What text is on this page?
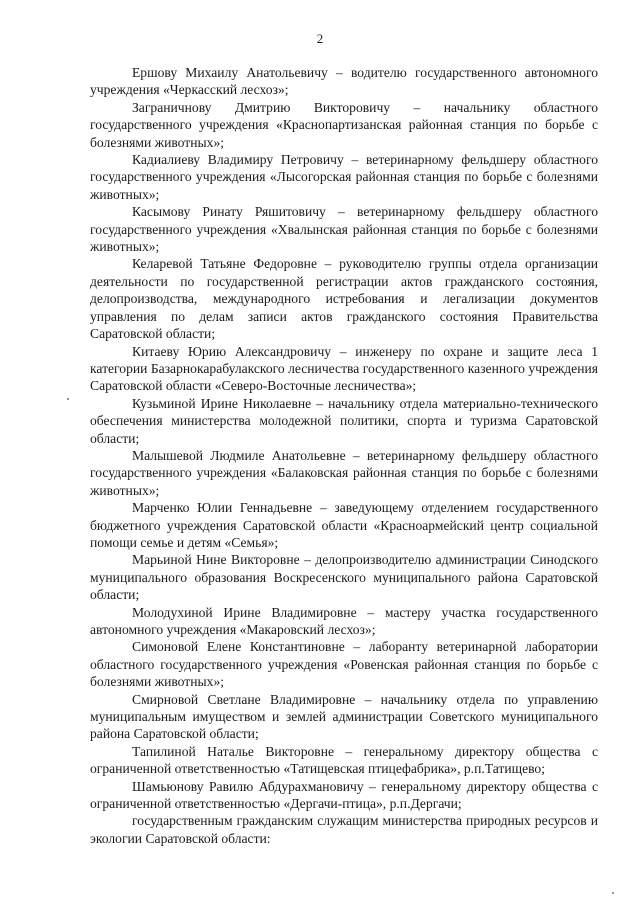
2

Ершову Михаилу Анатольевичу – водителю государственного автономного учреждения «Черкасский лесхоз»;

Заграничнову Дмитрию Викторовичу – начальнику областного государственного учреждения «Краснопартизанская районная станция по борьбе с болезнями животных»;

Кадиалиеву Владимиру Петровичу – ветеринарному фельдшеру областного государственного учреждения «Лысогорская районная станция по борьбе с болезнями животных»;

Касымову Ринату Ряшитовичу – ветеринарному фельдшеру областного государственного учреждения «Хвалынская районная станция по борьбе с болезнями животных»;

Келаревой Татьяне Федоровне – руководителю группы отдела организации деятельности по государственной регистрации актов гражданского состояния, делопроизводства, международного истребования и легализации документов управления по делам записи актов гражданского состояния Правительства Саратовской области;

Китаеву Юрию Александровичу – инженеру по охране и защите леса 1 категории Базарнокарабулакского лесничества государственного казенного учреждения Саратовской области «Северо-Восточные лесничества»;

Кузьминой Ирине Николаевне – начальнику отдела материально-технического обеспечения министерства молодежной политики, спорта и туризма Саратовской области;

Малышевой Людмиле Анатольевне – ветеринарному фельдшеру областного государственного учреждения «Балаковская районная станция по борьбе с болезнями животных»;

Марченко Юлии Геннадьевне – заведующему отделением государственного бюджетного учреждения Саратовской области «Красноармейский центр социальной помощи семье и детям «Семья»;

Марьиной Нине Викторовне – делопроизводителю администрации Синодского муниципального образования Воскресенского муниципального района Саратовской области;

Молодухиной Ирине Владимировне – мастеру участка государственного автономного учреждения «Макаровский лесхоз»;

Симоновой Елене Константиновне – лаборанту ветеринарной лаборатории областного государственного учреждения «Ровенская районная станция по борьбе с болезнями животных»;

Смирновой Светлане Владимировне – начальнику отдела по управлению муниципальным имуществом и землей администрации Советского муниципального района Саратовской области;

Тапилиной Наталье Викторовне – генеральному директору общества с ограниченной ответственностью «Татищевская птицефабрика», р.п.Татищево;

Шамьюнову Равилю Абдурахмановичу – генеральному директору общества с ограниченной ответственностью «Дергачи-птица», р.п.Дергачи;

государственным гражданским служащим министерства природных ресурсов и экологии Саратовской области:
